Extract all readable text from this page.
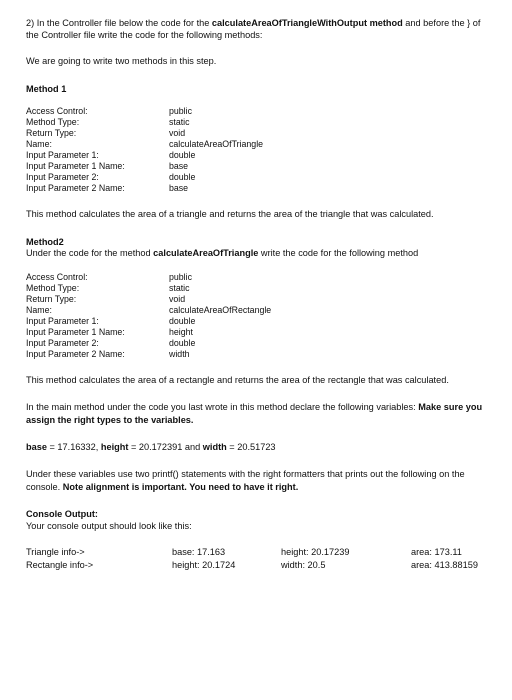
2) In the Controller file below the code for the calculateAreaOfTriangleWithOutput method and before the } of the Controller file write the code for the following methods:

We are going to write two methods in this step.

Method 1
Access Control:	public
Method Type:	static
Return Type:	void
Name:	calculateAreaOfTriangle
Input Parameter 1:	double
Input Parameter 1 Name:	base
Input Parameter 2:	double
Input Parameter 2 Name:	base

This method calculates the area of a triangle and returns the area of the triangle that was calculated.

Method2
Under the code for the method calculateAreaOfTriangle write the code for the following method
Access Control:	public
Method Type:	static
Return Type:	void
Name:	calculateAreaOfRectangle
Input Parameter 1:	double
Input Parameter 1 Name:	height
Input Parameter 2:	double
Input Parameter 2 Name:	width

This method calculates the area of a rectangle and returns the area of the rectangle that was calculated.

In the main method under the code you last wrote in this method declare the following variables: Make sure you assign the right types to the variables.

base = 17.16332, height = 20.172391 and width = 20.51723

Under these variables use two printf() statements with the right formatters that prints out the following on the console. Note alignment is important. You need to have it right.

Console Output:
Your console output should look like this:
Triangle info->	base: 17.163	height: 20.17239	area: 173.11
Rectangle info->	height: 20.1724	width: 20.5	area: 413.88159
